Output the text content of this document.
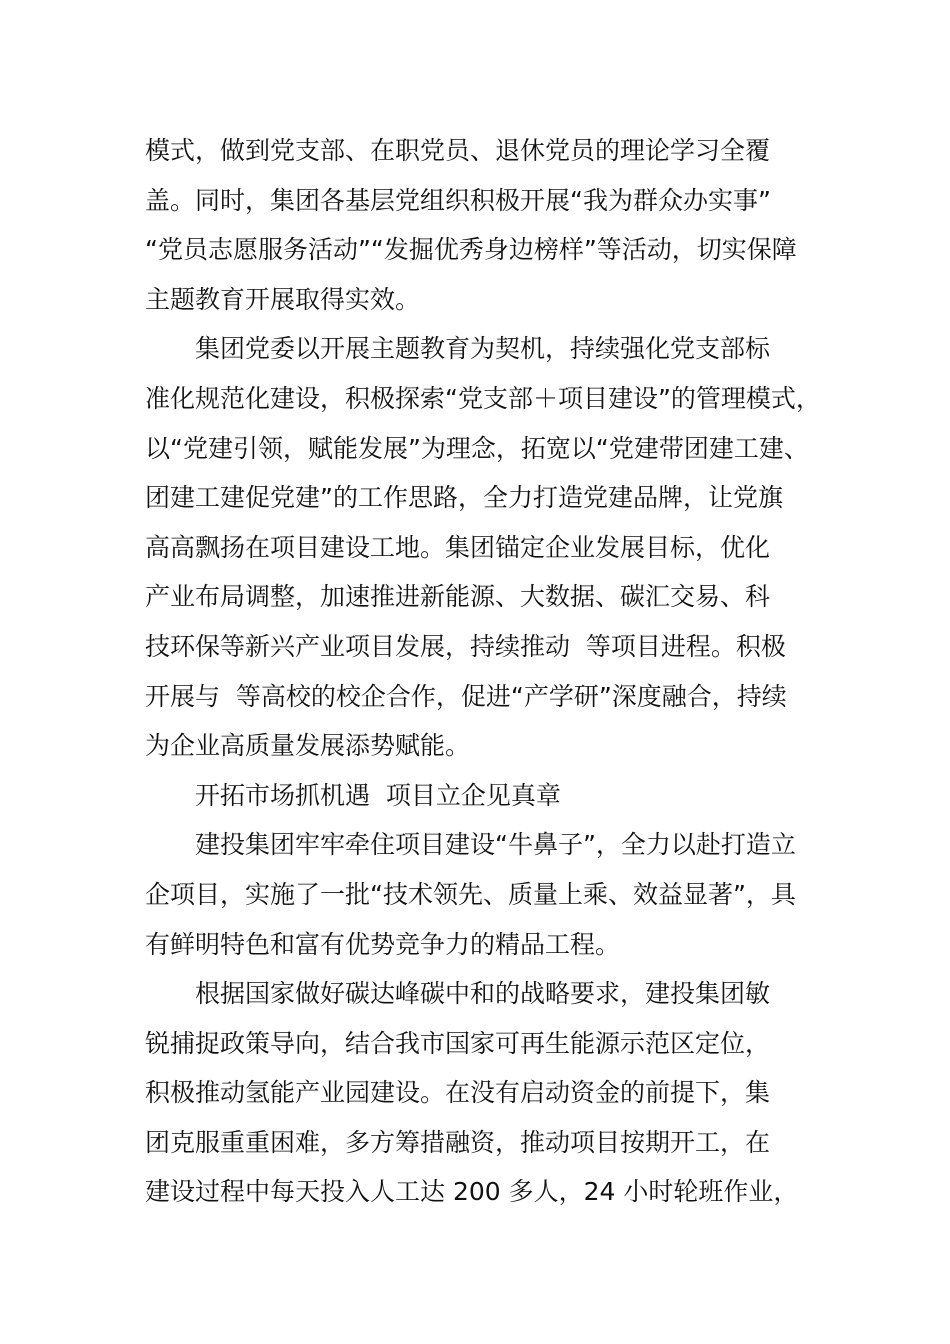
模式，做到党支部、在职党员、退休党员的理论学习全覆
盖。同时，集团各基层党组织积极开展“我为群众办实事”
“党员志愿服务活动”“发掘优秀身边榜样”等活动，切实保障
主题教育开展取得实效。
集团党委以开展主题教育为契机，持续强化党支部标
准化规范化建设，积极探索“党支部＋项目建设”的管理模式，
以“党建引领，赋能发展”为理念，拓宽以“党建带团建工建、
团建工建促党建”的工作思路，全力打造党建品牌，让党旗
高高飘扬在项目建设工地。集团锚定企业发展目标，优化
产业布局调整，加速推进新能源、大数据、碳汇交易、科
技环保等新兴产业项目发展，持续推动  等项目进程。积极
开展与  等高校的校企合作，促进“产学研”深度融合，持续
为企业高质量发展添势赋能。
开拓市场抓机遇  项目立企见真章
建投集团牢牢牵住项目建设“牛鼻子”，全力以赴打造立
企项目，实施了一批“技术领先、质量上乘、效益显著”，具
有鲜明特色和富有优势竞争力的精品工程。
根据国家做好碳达峰碳中和的战略要求，建投集团敏
锐捕捉政策导向，结合我市国家可再生能源示范区定位，
积极推动氢能产业园建设。在没有启动资金的前提下，集
团克服重重困难，多方筹措融资，推动项目按期开工，在
建设过程中每天投入人工达 200 多人，24 小时轮班作业，
